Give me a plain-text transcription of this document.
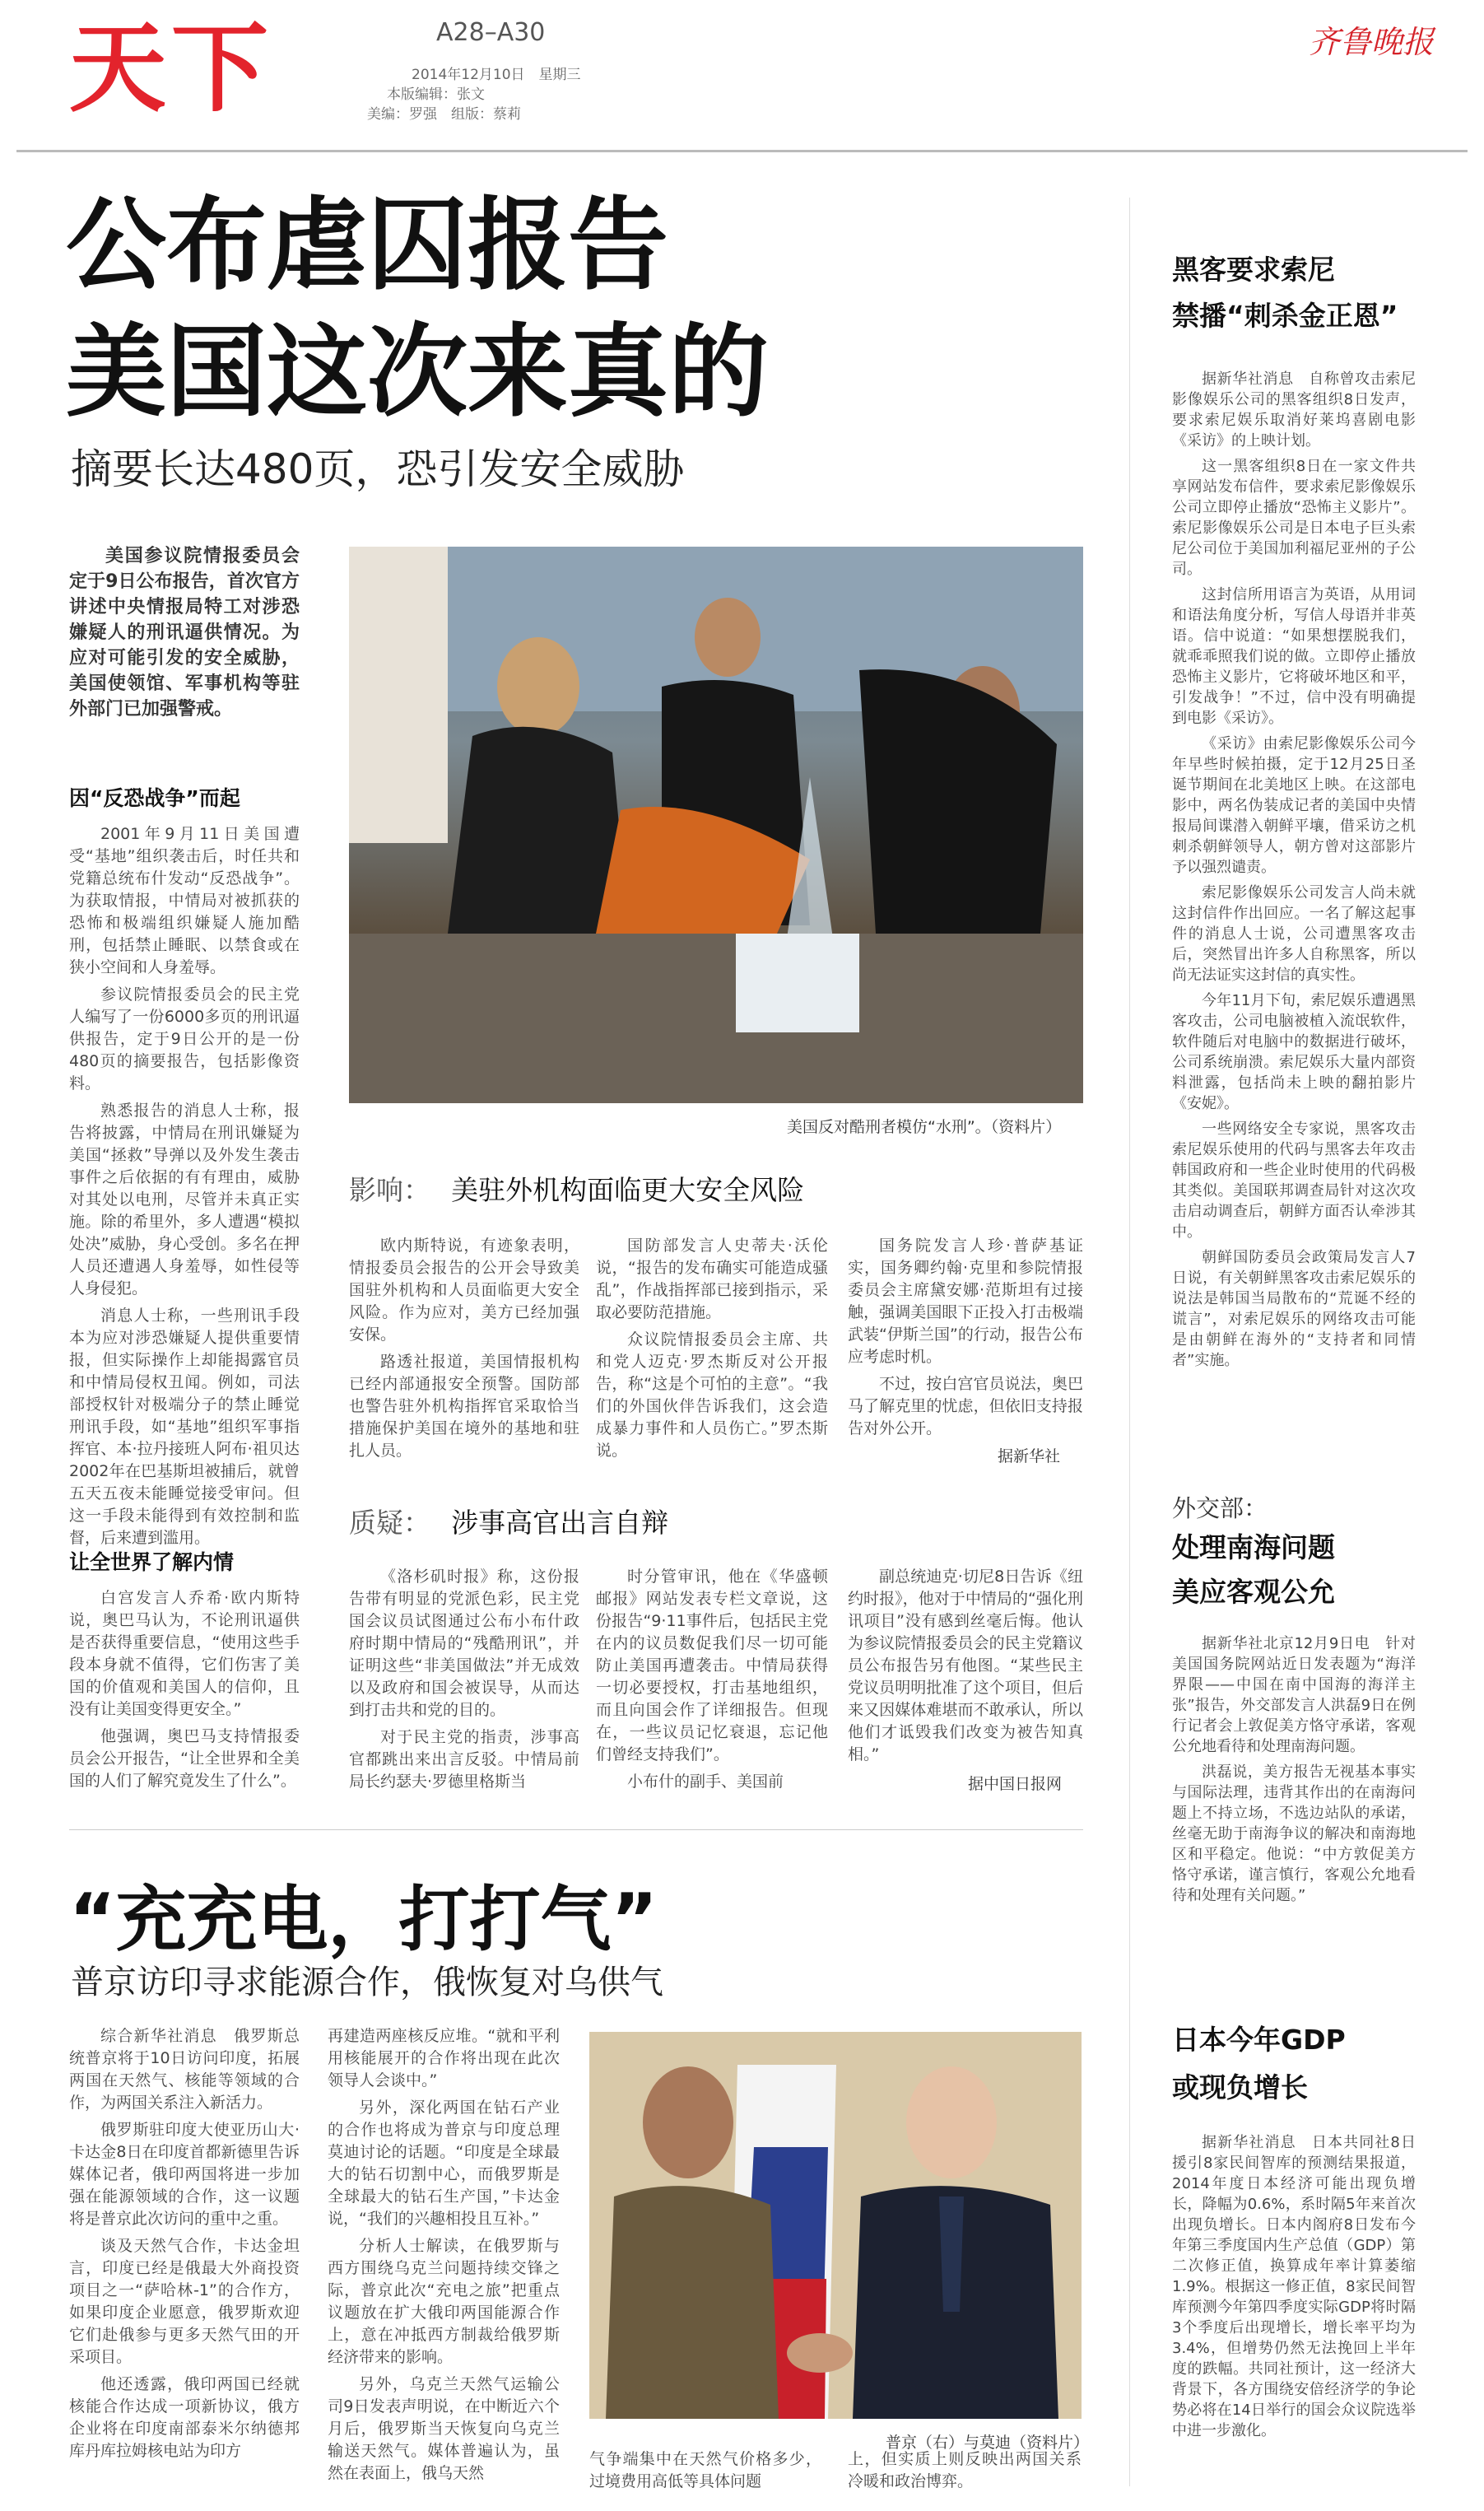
天下	A28–A30
2014年12月10日　星期三
本版编辑：张文
美编：罗强　组版：蔡莉
齐鲁晚报
公布虐囚报告
美国这次来真的
摘要长达480页，恐引发安全威胁
美国参议院情报委员会定于9日公布报告，首次官方讲述中央情报局特工对涉恐嫌疑人的刑讯逼供情况。为应对可能引发的安全威胁，美国使领馆、军事机构等驻外部门已加强警戒。
因“反恐战争”而起

2001年9月11日美国遭受“基地”组织袭击后，时任共和党籍总统布什发动“反恐战争”。为获取情报，中情局对被抓获的恐怖和极端组织嫌疑人施加酷刑，包括禁止睡眠、以禁食或在狭小空间和人身羞辱。

参议院情报委员会的民主党人编写了一份6000多页的刑讯逼供报告，定于9日公开的是一份480页的摘要报告，包括影像资料。

熟悉报告的消息人士称，报告将披露，中情局在刑讯嫌疑为美国“拯救”导弹以及外发生袭击事件之后依据的有有理由，威胁对其处以电刑，尽管并未真正实施。除的希里外，多人遭遇“模拟处决”威胁，身心受创。多名在押人员还遭遇人身羞辱，如性侵等人身侵犯。

消息人士称，一些刑讯手段本为应对涉恐嫌疑人提供重要情报，但实际操作上却能揭露官员和中情局侵权丑闻。例如，司法部授权针对极端分子的禁止睡觉刑讯手段，如“基地”组织军事指挥官、本·拉丹接班人阿布·祖贝达2002年在巴基斯坦被捕后，就曾五天五夜未能睡觉接受审问。但这一手段未能得到有效控制和监督，后来遭到滥用。

让全世界了解内情

白宫发言人乔希·欧内斯特说，奥巴马认为，不论刑讯逼供是否获得重要信息，“使用这些手段本身就不值得，它们伤害了美国的价值观和美国人的信仰，且没有让美国变得更安全。”

他强调，奥巴马支持情报委员会公开报告，“让全世界和全美国的人们了解究竟发生了什么”。

美国反对酷刑者模仿“水刑”。（资料片）
影响： 美驻外机构面临更大安全风险

欧内斯特说，有迹象表明，情报委员会报告的公开会导致美国驻外机构和人员面临更大安全风险。作为应对，美方已经加强安保。

路透社报道，美国情报机构已经内部通报安全预警。国防部也警告驻外机构指挥官采取恰当措施保护美国在境外的基地和驻扎人员。

国防部发言人史蒂夫·沃伦说，“报告的发布确实可能造成骚乱”，作战指挥部已接到指示，采取必要防范措施。

众议院情报委员会主席、共和党人迈克·罗杰斯反对公开报告，称“这是个可怕的主意”。“我们的外国伙伴告诉我们，这会造成暴力事件和人员伤亡。”罗杰斯说。

国务院发言人珍·普萨基证实，国务卿约翰·克里和参院情报委员会主席黛安娜·范斯坦有过接触，强调美国眼下正投入打击极端武装“伊斯兰国”的行动，报告公布应考虑时机。

不过，按白宫官员说法，奥巴马了解克里的忧虑，但依旧支持报告对外公开。

据新华社
质疑： 涉事高官出言自辩

《洛杉矶时报》称，这份报告带有明显的党派色彩，民主党国会议员试图通过公布小布什政府时期中情局的“残酷刑讯”，并证明这些“非美国做法”并无成效以及政府和国会被误导，从而达到打击共和党的目的。

对于民主党的指责，涉事高官都跳出来出言反驳。中情局前局长约瑟夫·罗德里格斯当

时分管审讯，他在《华盛顿邮报》网站发表专栏文章说，这份报告“9·11事件后，包括民主党在内的议员数促我们尽一切可能防止美国再遭袭击。中情局获得一切必要授权，打击基地组织，而且向国会作了详细报告。但现在，一些议员记忆衰退，忘记他们曾经支持我们”。

小布什的副手、美国前

副总统迪克·切尼8日告诉《纽约时报》，他对于中情局的“强化刑讯项目”没有感到丝毫后悔。他认为参议院情报委员会的民主党籍议员公布报告另有他图。“某些民主党议员明明批准了这个项目，但后来又因媒体难堪而不敢承认，所以他们才诋毁我们改变为被告知真相。”

据中国日报网
“充充电，打打气”
普京访印寻求能源合作，俄恢复对乌供气

综合新华社消息　俄罗斯总统普京将于10日访问印度，拓展两国在天然气、核能等领域的合作，为两国关系注入新活力。

俄罗斯驻印度大使亚历山大·卡达金8日在印度首都新德里告诉媒体记者，俄印两国将进一步加强在能源领域的合作，这一议题将是普京此次访问的重中之重。

谈及天然气合作，卡达金坦言，印度已经是俄最大外商投资项目之一“萨哈林-1”的合作方，如果印度企业愿意，俄罗斯欢迎它们赴俄参与更多天然气田的开采项目。

他还透露，俄印两国已经就核能合作达成一项新协议，俄方企业将在印度南部泰米尔纳德邦库丹库拉姆核电站为印方

再建造两座核反应堆。“就和平利用核能展开的合作将出现在此次领导人会谈中。”

另外，深化两国在钻石产业的合作也将成为普京与印度总理莫迪讨论的话题。“印度是全球最大的钻石切割中心，而俄罗斯是全球最大的钻石生产国，”卡达金说，“我们的兴趣相投且互补。”

分析人士解读，在俄罗斯与西方围绕乌克兰问题持续交锋之际，普京此次“充电之旅”把重点议题放在扩大俄印两国能源合作上，意在冲抵西方制裁给俄罗斯经济带来的影响。

另外，乌克兰天然气运输公司9日发表声明说，在中断近六个月后，俄罗斯当天恢复向乌克兰输送天然气。媒体普遍认为，虽然在表面上，俄乌天然

普京（右）与莫迪（资料片）
气争端集中在天然气价格多少，过境费用高低等具体问题
上，但实质上则反映出两国关系冷暖和政治博弈。
黑客要求索尼
禁播“刺杀金正恩”

据新华社消息　自称曾攻击索尼影像娱乐公司的黑客组织8日发声，要求索尼娱乐取消好莱坞喜剧电影《采访》的上映计划。

这一黑客组织8日在一家文件共享网站发布信件，要求索尼影像娱乐公司立即停止播放“恐怖主义影片”。索尼影像娱乐公司是日本电子巨头索尼公司位于美国加利福尼亚州的子公司。

这封信所用语言为英语，从用词和语法角度分析，写信人母语并非英语。信中说道：“如果想摆脱我们，就乖乖照我们说的做。立即停止播放恐怖主义影片，它将破坏地区和平，引发战争！”不过，信中没有明确提到电影《采访》。

《采访》由索尼影像娱乐公司今年早些时候拍摄，定于12月25日圣诞节期间在北美地区上映。在这部电影中，两名伪装成记者的美国中央情报局间谍潜入朝鲜平壤，借采访之机刺杀朝鲜领导人，朝方曾对这部影片予以强烈谴责。

索尼影像娱乐公司发言人尚未就这封信件作出回应。一名了解这起事件的消息人士说，公司遭黑客攻击后，突然冒出许多人自称黑客，所以尚无法证实这封信的真实性。

今年11月下旬，索尼娱乐遭遇黑客攻击，公司电脑被植入流氓软件，软件随后对电脑中的数据进行破坏，公司系统崩溃。索尼娱乐大量内部资料泄露，包括尚未上映的翻拍影片《安妮》。

一些网络安全专家说，黑客攻击索尼娱乐使用的代码与黑客去年攻击韩国政府和一些企业时使用的代码极其类似。美国联邦调查局针对这次攻击启动调查后，朝鲜方面否认牵涉其中。

朝鲜国防委员会政策局发言人7日说，有关朝鲜黑客攻击索尼娱乐的说法是韩国当局散布的“荒诞不经的谎言”，对索尼娱乐的网络攻击可能是由朝鲜在海外的“支持者和同情者”实施。

外交部：
处理南海问题
美应客观公允

据新华社北京12月9日电　针对美国国务院网站近日发表题为“海洋界限——中国在南中国海的海洋主张”报告，外交部发言人洪磊9日在例行记者会上敦促美方恪守承诺，客观公允地看待和处理南海问题。

洪磊说，美方报告无视基本事实与国际法理，违背其作出的在南海问题上不持立场，不选边站队的承诺，丝毫无助于南海争议的解决和南海地区和平稳定。他说：“中方敦促美方恪守承诺，谨言慎行，客观公允地看待和处理有关问题。”

日本今年GDP
或现负增长

据新华社消息　日本共同社8日援引8家民间智库的预测结果报道，2014年度日本经济可能出现负增长，降幅为0.6%，系时隔5年来首次出现负增长。日本内阁府8日发布今年第三季度国内生产总值（GDP）第二次修正值，换算成年率计算萎缩1.9%。根据这一修正值，8家民间智库预测今年第四季度实际GDP将时隔3个季度后出现增长，增长率平均为3.4%，但增势仍然无法挽回上半年度的跌幅。共同社预计，这一经济大背景下，各方围绕安倍经济学的争论势必将在14日举行的国会众议院选举中进一步激化。
